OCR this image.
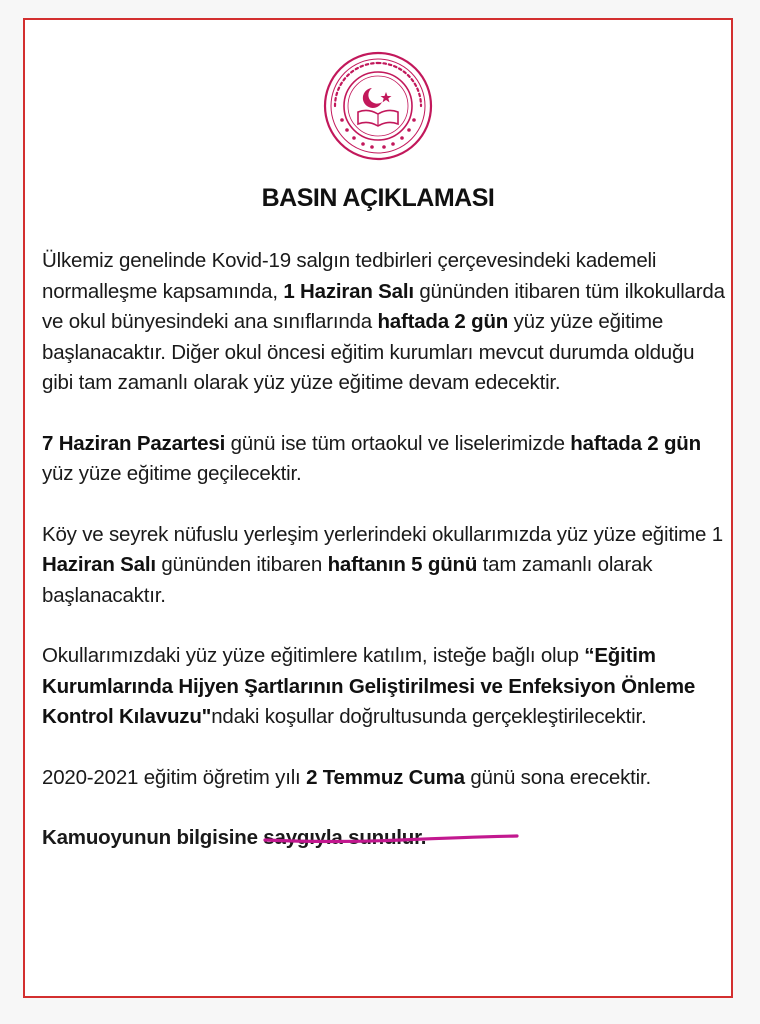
BASIN AÇIKLAMASI

Ülkemiz genelinde Kovid-19 salgın tedbirleri çerçevesindeki kademeli normalleşme kapsamında, 1 Haziran Salı gününden itibaren tüm ilkokullarda ve okul bünyesindeki ana sınıflarında haftada 2 gün yüz yüze eğitime başlanacaktır. Diğer okul öncesi eğitim kurumları mevcut durumda olduğu gibi tam zamanlı olarak yüz yüze eğitime devam edecektir.

7 Haziran Pazartesi günü ise tüm ortaokul ve liselerimizde haftada 2 gün yüz yüze eğitime geçilecektir.

Köy ve seyrek nüfuslu yerleşim yerlerindeki okullarımızda yüz yüze eğitime 1 Haziran Salı gününden itibaren haftanın 5 günü tam zamanlı olarak başlanacaktır.

Okullarımızdaki yüz yüze eğitimlere katılım, isteğe bağlı olup “Eğitim Kurumlarında Hijyen Şartlarının Geliştirilmesi ve Enfeksiyon Önleme Kontrol Kılavuzu"ndaki koşullar doğrultusunda gerçekleştirilecektir.

2020-2021 eğitim öğretim yılı 2 Temmuz Cuma günü sona erecektir.

Kamuoyunun bilgisine saygıyla sunulur.
